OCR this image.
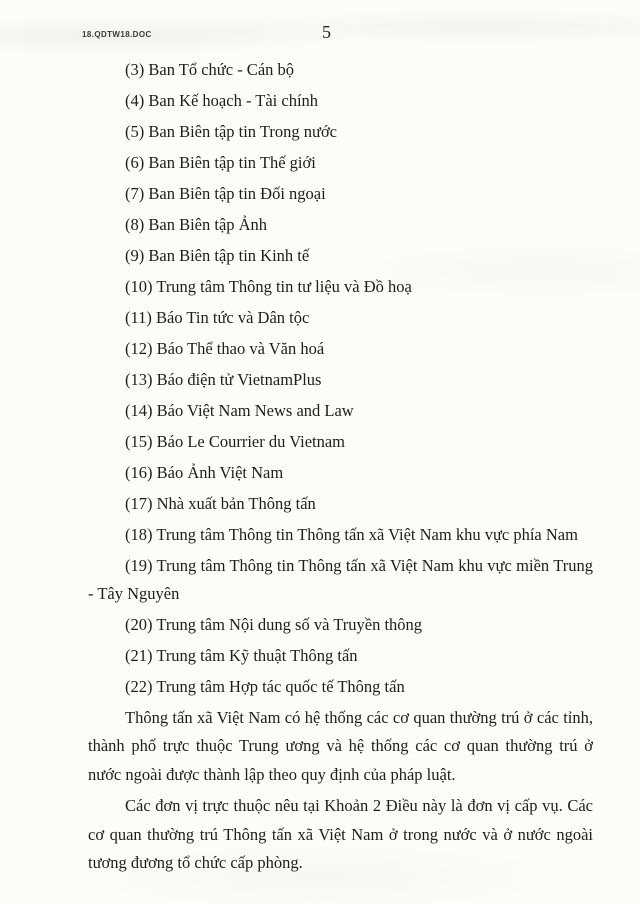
18.QDTW18.DOC	5

(3) Ban Tổ chức - Cán bộ

(4) Ban Kế hoạch - Tài chính

(5) Ban Biên tập tin Trong nước

(6) Ban Biên tập tin Thế giới

(7) Ban Biên tập tin Đối ngoại

(8) Ban Biên tập Ảnh

(9) Ban Biên tập tin Kinh tế

(10) Trung tâm Thông tin tư liệu và Đồ hoạ

(11) Báo Tin tức và Dân tộc

(12) Báo Thể thao và Văn hoá

(13) Báo điện tử VietnamPlus

(14) Báo Việt Nam News and Law

(15) Báo Le Courrier du Vietnam

(16) Báo Ảnh Việt Nam

(17) Nhà xuất bản Thông tấn

(18) Trung tâm Thông tin Thông tấn xã Việt Nam khu vực phía Nam

(19) Trung tâm Thông tin Thông tấn xã Việt Nam khu vực miền Trung - Tây Nguyên

(20) Trung tâm Nội dung số và Truyền thông

(21) Trung tâm Kỹ thuật Thông tấn

(22) Trung tâm Hợp tác quốc tế Thông tấn

Thông tấn xã Việt Nam có hệ thống các cơ quan thường trú ở các tỉnh, thành phố trực thuộc Trung ương và hệ thống các cơ quan thường trú ở nước ngoài được thành lập theo quy định của pháp luật.

Các đơn vị trực thuộc nêu tại Khoản 2 Điều này là đơn vị cấp vụ. Các cơ quan thường trú Thông tấn xã Việt Nam ở trong nước và ở nước ngoài tương đương tổ chức cấp phòng.
